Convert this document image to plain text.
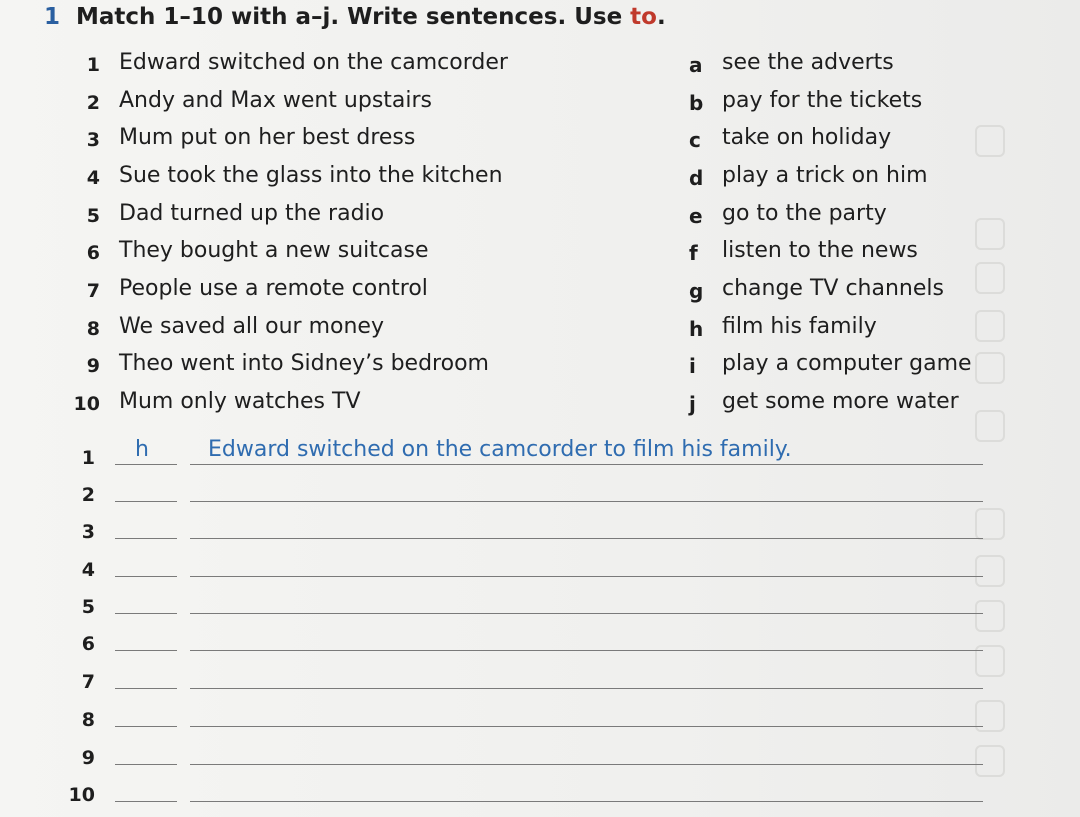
1 Match 1–10 with a–j. Write sentences. Use to.
1 Edward switched on the camcorder
2 Andy and Max went upstairs
3 Mum put on her best dress
4 Sue took the glass into the kitchen
5 Dad turned up the radio
6 They bought a new suitcase
7 People use a remote control
8 We saved all our money
9 Theo went into Sidney’s bedroom
10 Mum only watches TV
a see the adverts
b pay for the tickets
c take on holiday
d play a trick on him
e go to the party
f	listen to the news
g change TV channels
h film his family
i	play a computer game
j	get some more water
1	h	Edward switched on the camcorder to film his family.
2
3
4
5
6
7
8
9
10
